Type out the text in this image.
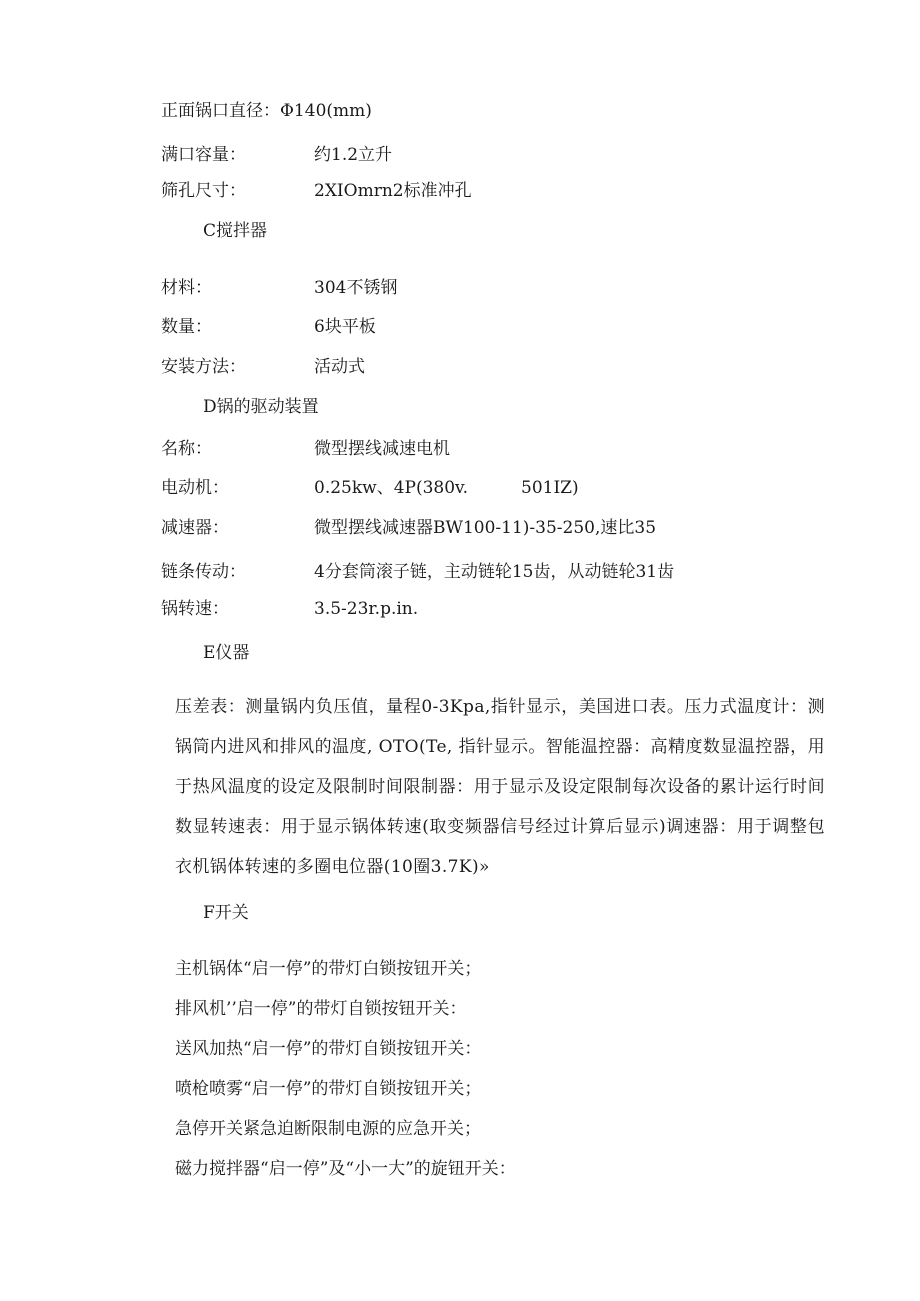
正面锅口直径：Φ140(mm)
满口容量：	约1.2立升
筛孔尺寸：	2XIOmrn2标准冲孔
C搅拌器
材料：	304不锈钢
数量：	6块平板
安装方法：	活动式
D锅的驱动装置
名称：	微型摆线减速电机
电动机：	0.25kw、4P(380v.	501IZ)
减速器：	微型摆线减速器BW100-11)-35-250,速比35
链条传动：	4分套筒滚子链，主动链轮15齿，从动链轮31齿
锅转速：	3.5-23r.p.in.
E仪器
压差表：测量锅内负压值，量程0-3Kpa,指针显示，美国进口表。压力式温度计：测锅筒内进风和排风的温度, OTO(Te, 指针显示。智能温控器：高精度数显温控器，用于热风温度的设定及限制时间限制器：用于显示及设定限制每次设备的累计运行时间数显转速表：用于显示锅体转速(取变频器信号经过计算后显示)调速器：用于调整包衣机锅体转速的多圈电位器(10圈3.7K)»
F开关
主机锅体“启一停”的带灯白锁按钮开关；
排风机’’启一停”的带灯自锁按钮开关：
送风加热“启一停”的带灯自锁按钮开关：
喷枪喷雾“启一停”的带灯自锁按钮开关；
急停开关紧急迫断限制电源的应急开关；
磁力搅拌器“启一停”及“小一大”的旋钮开关：
